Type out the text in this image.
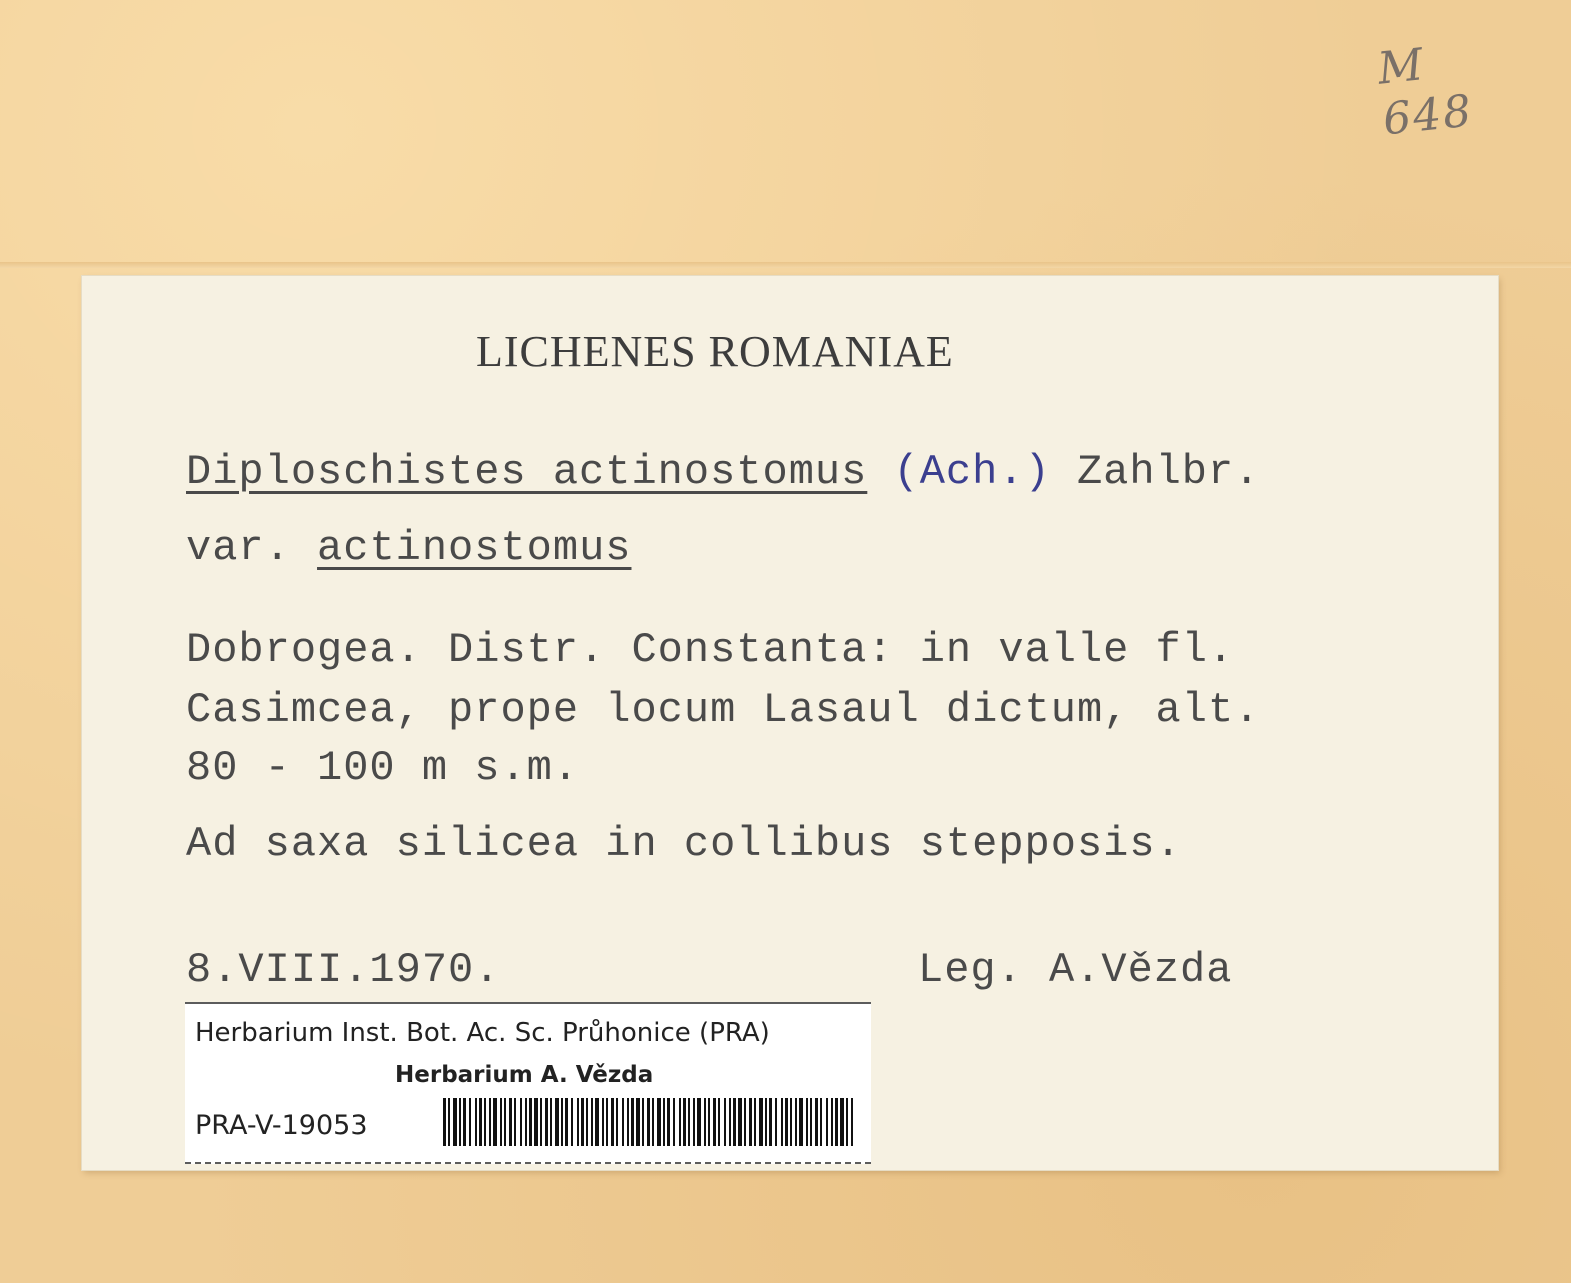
M 648
LICHENES ROMANIAE
Diploschistes actinostomus (Ach.) Zahlbr.
var. actinostomus
Dobrogea. Distr. Constanta: in valle fl.
Casimcea, prope locum Lasaul dictum, alt.
80 - 100 m s.m.
Ad saxa silicea in collibus stepposis.
8.VIII.1970.	Leg. A.Vězda
Herbarium Inst. Bot. Ac. Sc. Průhonice (PRA)
Herbarium A. Vězda
PRA-V-19053
